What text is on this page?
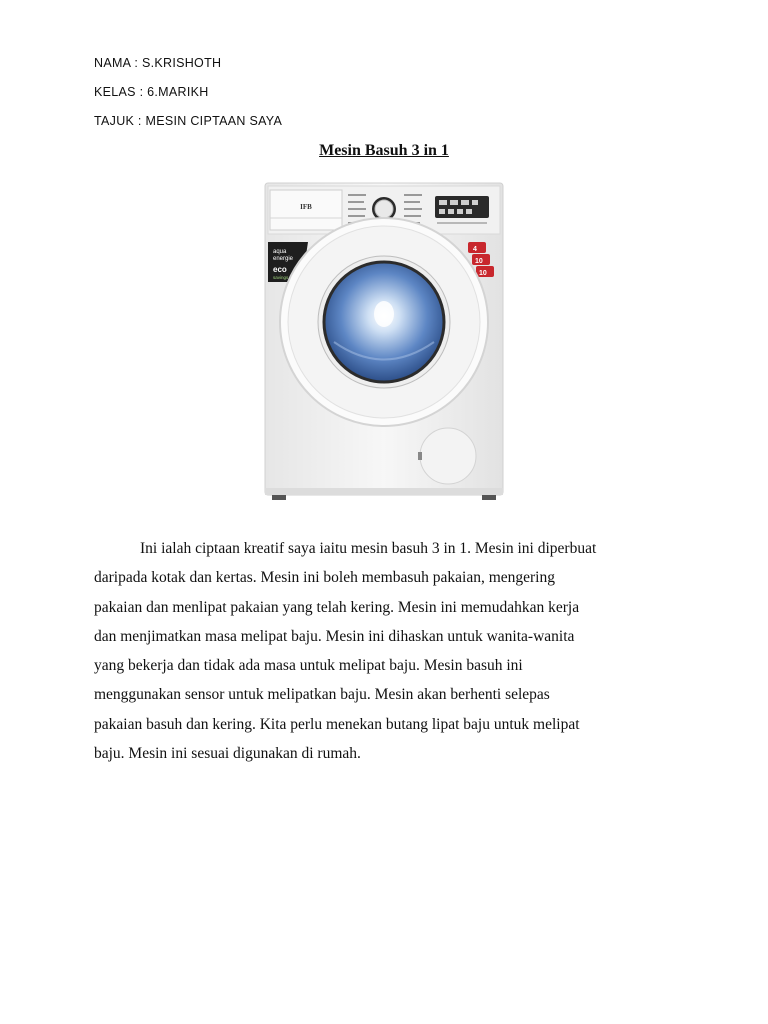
NAMA : S.KRISHOTH
KELAS : 6.MARIKH
TAJUK : MESIN CIPTAAN SAYA
Mesin Basuh 3 in 1
IFB
aqua
energie
eco
savings
4
10
10
Ini ialah ciptaan kreatif saya iaitu mesin basuh 3 in 1. Mesin ini diperbuat
daripada kotak dan kertas. Mesin ini boleh membasuh pakaian, mengering
pakaian dan menlipat pakaian yang telah kering. Mesin ini memudahkan kerja
dan menjimatkan masa melipat baju. Mesin ini dihaskan untuk wanita-wanita
yang bekerja dan tidak ada masa untuk melipat baju. Mesin basuh ini
menggunakan sensor untuk melipatkan baju. Mesin akan berhenti selepas
pakaian basuh dan kering. Kita perlu menekan butang lipat baju untuk melipat
baju. Mesin ini sesuai digunakan di rumah.
